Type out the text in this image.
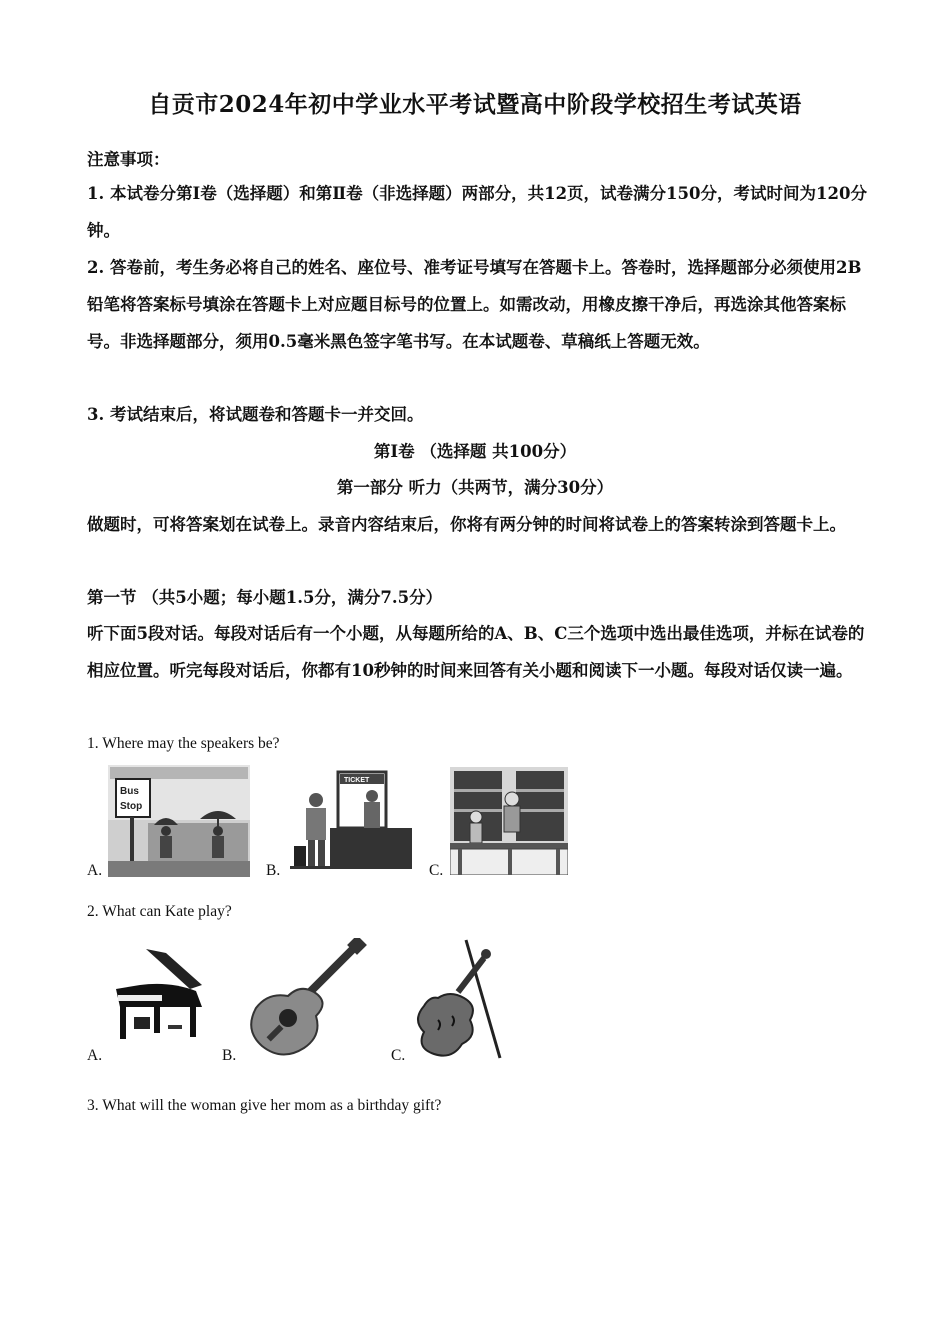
自贡市2024年初中学业水平考试暨高中阶段学校招生考试英语
注意事项：

1. 本试卷分第Ⅰ卷（选择题）和第Ⅱ卷（非选择题）两部分，共12页，试卷满分150分，考试时间为120分钟。

2. 答卷前，考生务必将自己的姓名、座位号、准考证号填写在答题卡上。答卷时，选择题部分必须使用2B铅笔将答案标号填涂在答题卡上对应题目标号的位置上。如需改动，用橡皮擦干净后，再选涂其他答案标号。非选择题部分，须用0.5毫米黑色签字笔书写。在本试题卷、草稿纸上答题无效。

3. 考试结束后，将试题卷和答题卡一并交回。

第Ⅰ卷 （选择题 共100分）
第一部分 听力（共两节，满分30分）

做题时，可将答案划在试卷上。录音内容结束后，你将有两分钟的时间将试卷上的答案转涂到答题卡上。

第一节 （共5小题；每小题1.5分，满分7.5分）

听下面5段对话。每段对话后有一个小题，从每题所给的A、B、C三个选项中选出最佳选项，并标在试卷的相应位置。听完每段对话后，你都有10秒钟的时间来回答有关小题和阅读下一小题。每段对话仅读一遍。

1. Where may the speakers be?
A.
Bus
Stop
B.
TICKET
C.
2. What can Kate play?
A.	B.	C.
3. What will the woman give her mom as a birthday gift?
